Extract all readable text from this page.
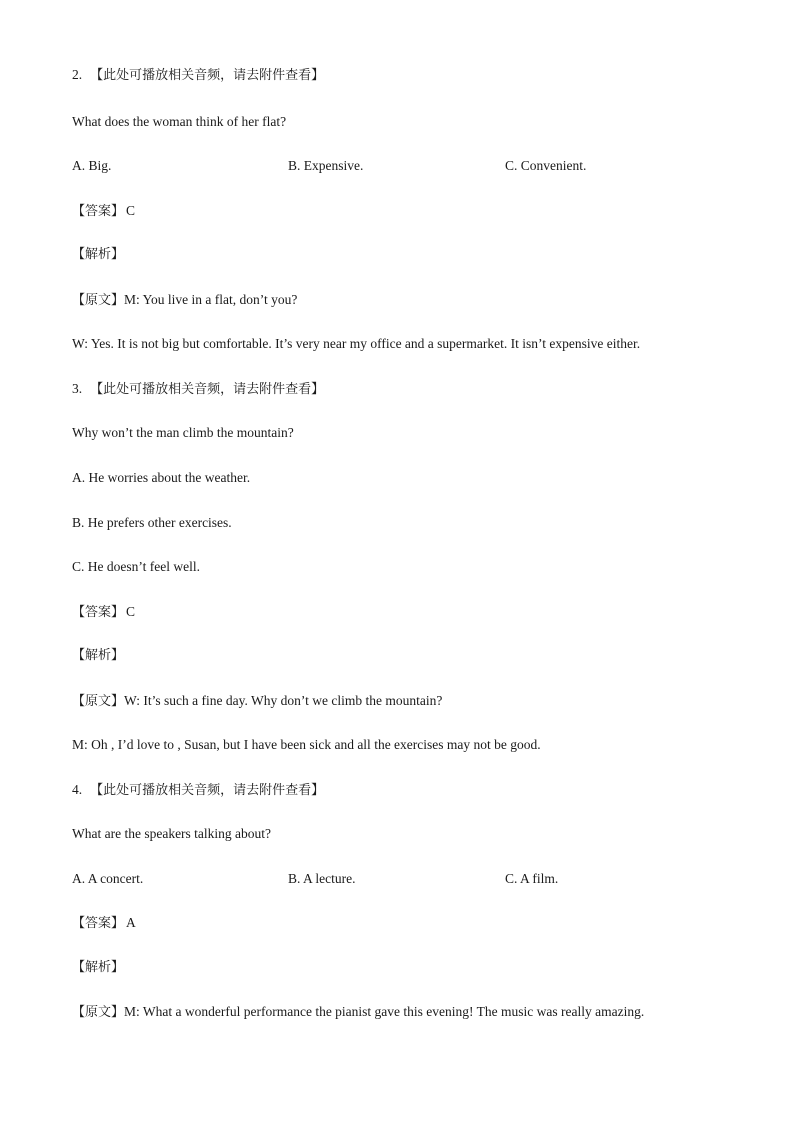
2. 【此处可播放相关音频，请去附件查看】
What does the woman think of her flat?
A. Big.	B. Expensive.	C. Convenient.
【答案】 C
【解析】
【原文】M: You live in a flat, don’t you?
W: Yes. It is not big but comfortable. It’s very near my office and a supermarket. It isn’t expensive either.
3. 【此处可播放相关音频，请去附件查看】
Why won’t the man climb the mountain?
A. He worries about the weather.
B. He prefers other exercises.
C. He doesn’t feel well.
【答案】 C
【解析】
【原文】W: It’s such a fine day. Why don’t we climb the mountain?
M: Oh , I’d love to , Susan, but I have been sick and all the exercises may not be good.
4. 【此处可播放相关音频，请去附件查看】
What are the speakers talking about?
A. A concert.	B. A lecture.	C. A film.
【答案】 A
【解析】
【原文】M: What a wonderful performance the pianist gave this evening! The music was really amazing.
